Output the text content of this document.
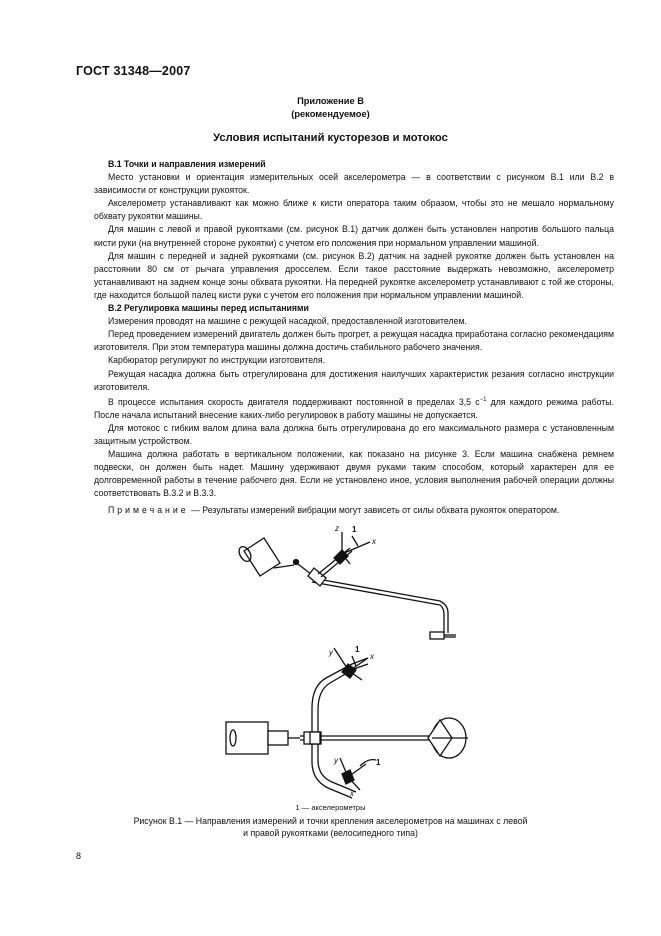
ГОСТ 31348—2007
Приложение В
(рекомендуемое)
Условия испытаний кусторезов и мотокос
В.1 Точки и направления измерений

Место установки и ориентация измерительных осей акселерометра — в соответствии с рисунком В.1 или В.2 в зависимости от конструкции рукояток.

Акселерометр устанавливают как можно ближе к кисти оператора таким образом, чтобы это не мешало нормальному обхвату рукоятки машины.

Для машин с левой и правой рукоятками (см. рисунок В.1) датчик должен быть установлен напротив большого пальца кисти руки (на внутренней стороне рукоятки) с учетом его положения при нормальном управлении машиной.

Для машин с передней и задней рукоятками (см. рисунок В.2) датчик на задней рукоятке должен быть установлен на расстоянии 80 см от рычага управления дросселем. Если такое расстояние выдержать невозможно, акселерометр устанавливают на заднем конце зоны обхвата рукоятки. На передней рукоятке акселерометр устанавливают с той же стороны, где находится большой палец кисти руки с учетом его положения при нормальном управлении машиной.

В.2 Регулировка машины перед испытаниями

Измерения проводят на машине с режущей насадкой, предоставленной изготовителем.

Перед проведением измерений двигатель должен быть прогрет, а режущая насадка приработана согласно рекомендациям изготовителя. При этом температура машины должна достичь стабильного рабочего значения.

Карбюратор регулируют по инструкции изготовителя.

Режущая насадка должна быть отрегулирована для достижения наилучших характеристик резания согласно инструкции изготовителя.

В процессе испытания скорость двигателя поддерживают постоянной в пределах 3,5 $с^{-1}$ для каждого режима работы. После начала испытаний внесение каких-либо регулировок в работу машины не допускается.

Для мотокос с гибким валом длина вала должна быть отрегулирована до его максимального размера с установленным защитным устройством.

Машина должна работать в вертикальном положении, как показано на рисунке 3. Если машина снабжена ремнем подвески, он должен быть надет. Машину удерживают двумя руками таким способом, который характерен для ее долговременной работы в течение рабочего дня. Если не установлено иное, условия выполнения рабочей операции должны соответствовать В.3.2 и В.3.3.

Примечание — Результаты измерений вибрации могут зависеть от силы обхвата рукояток оператором.

z
x
1
y	x
1
y
x
1
1 — акселерометры
Рисунок В.1 — Направления измерений и точки крепления акселерометров на машинах с левой
и правой рукоятками (велосипедного типа)
8
